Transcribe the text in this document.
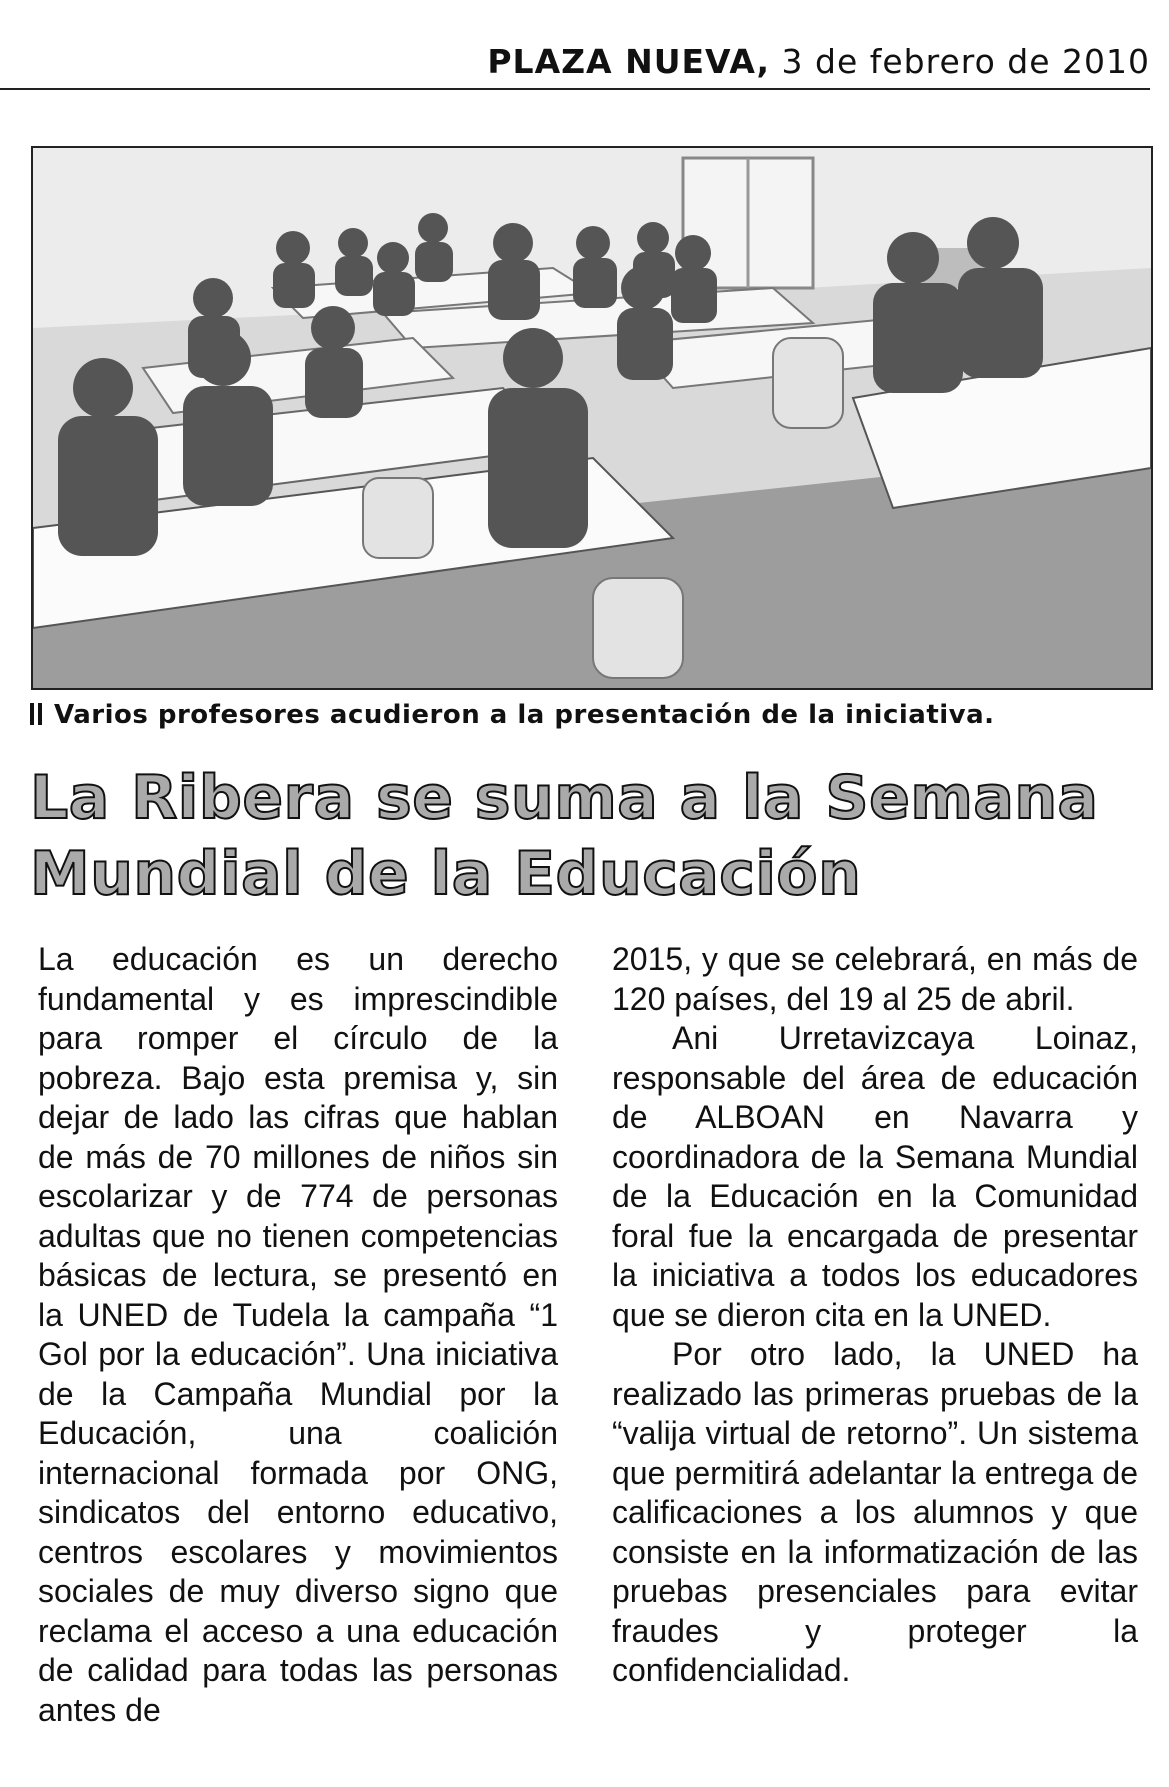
PLAZA NUEVA, 3 de febrero de 2010
Varios profesores acudieron a la presentación de la iniciativa.
La Ribera se suma a la Semana
Mundial de la Educación

La educación es un derecho fundamental y es imprescindible para romper el círculo de la pobreza. Bajo esta premisa y, sin dejar de lado las cifras que hablan de más de 70 millones de niños sin escolarizar y de 774 de personas adultas que no tienen competencias básicas de lectura, se presentó en la UNED de Tudela la campaña “1 Gol por la educación”. Una iniciativa de la Campaña Mundial por la Educación, una coalición internacional formada por ONG, sindicatos del entorno educativo, centros escolares y movimientos sociales de muy diverso signo que reclama el acceso a una educación de calidad para todas las personas antes de

2015, y que se celebrará, en más de 120 países, del 19 al 25 de abril.

Ani Urretavizcaya Loinaz, responsable del área de educación de ALBOAN en Navarra y coordinadora de la Semana Mundial de la Educación en la Comunidad foral fue la encargada de presentar la iniciativa a todos los educadores que se dieron cita en la UNED.

Por otro lado, la UNED ha realizado las primeras pruebas de la “valija virtual de retorno”. Un sistema que permitirá adelantar la entrega de calificaciones a los alumnos y que consiste en la informatización de las pruebas presenciales para evitar fraudes y proteger la confidencialidad.
